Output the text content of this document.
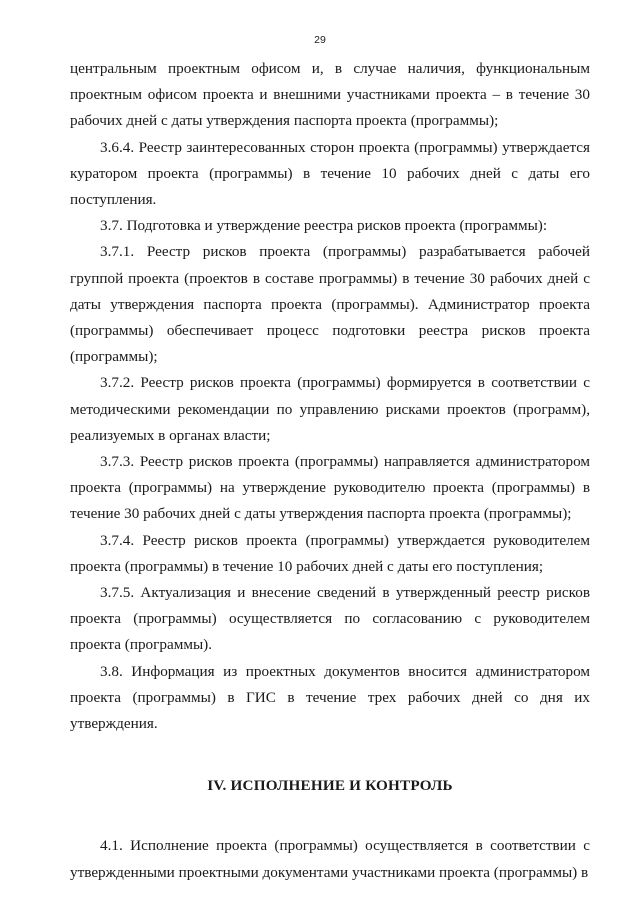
29

центральным проектным офисом и, в случае наличия, функциональным проектным офисом проекта и внешними участниками проекта – в течение 30 рабочих дней с даты утверждения паспорта проекта (программы);

3.6.4. Реестр заинтересованных сторон проекта (программы) утверждается куратором проекта (программы) в течение 10 рабочих дней с даты его поступления.

3.7. Подготовка и утверждение реестра рисков проекта (программы):

3.7.1. Реестр рисков проекта (программы) разрабатывается рабочей группой проекта (проектов в составе программы) в течение 30 рабочих дней с даты утверждения паспорта проекта (программы). Администратор проекта (программы) обеспечивает процесс подготовки реестра рисков проекта (программы);

3.7.2. Реестр рисков проекта (программы) формируется в соответствии с методическими рекомендации по управлению рисками проектов (программ), реализуемых в органах власти;

3.7.3. Реестр рисков проекта (программы) направляется администратором проекта (программы) на утверждение руководителю проекта (программы) в течение 30 рабочих дней с даты утверждения паспорта проекта (программы);

3.7.4. Реестр рисков проекта (программы) утверждается руководителем проекта (программы) в течение 10 рабочих дней с даты его поступления;

3.7.5. Актуализация и внесение сведений в утвержденный реестр рисков проекта (программы) осуществляется по согласованию с руководителем проекта (программы).

3.8. Информация из проектных документов вносится администратором проекта (программы) в ГИС в течение трех рабочих дней со дня их утверждения.

IV. ИСПОЛНЕНИЕ И КОНТРОЛЬ

4.1. Исполнение проекта (программы) осуществляется в соответствии с утвержденными проектными документами участниками проекта (программы) в
